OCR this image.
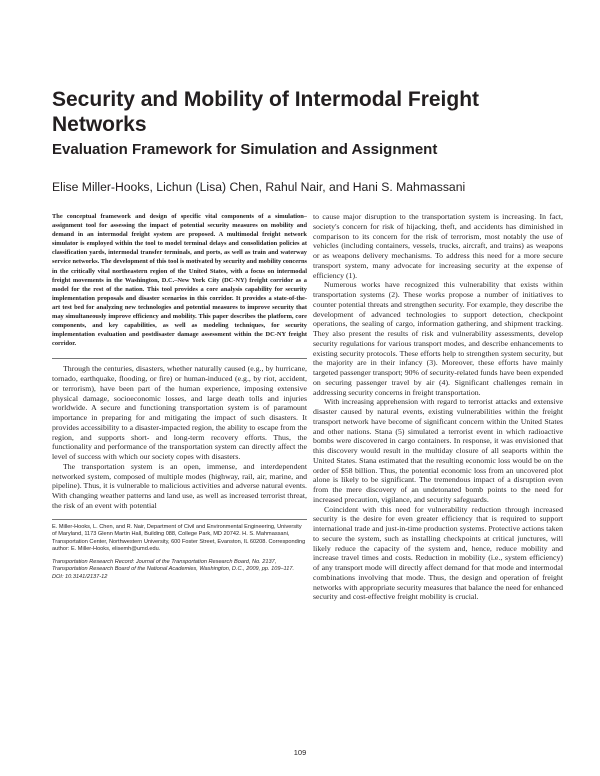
Security and Mobility of Intermodal Freight Networks
Evaluation Framework for Simulation and Assignment

Elise Miller-Hooks, Lichun (Lisa) Chen, Rahul Nair, and Hani S. Mahmassani

The conceptual framework and design of specific vital components of a simulation–assignment tool for assessing the impact of potential security measures on mobility and demand in an intermodal freight system are proposed. A multimodal freight network simulator is employed within the tool to model terminal delays and consolidation policies at classification yards, intermodal transfer terminals, and ports, as well as train and waterway service networks. The development of this tool is motivated by security and mobility concerns in the critically vital northeastern region of the United States, with a focus on intermodal freight movements in the Washington, D.C.–New York City (DC-NY) freight corridor as a model for the rest of the nation. This tool provides a core analysis capability for security implementation proposals and disaster scenarios in this corridor. It provides a state-of-the-art test bed for analyzing new technologies and potential measures to improve security that may simultaneously improve efficiency and mobility. This paper describes the platform, core components, and key capabilities, as well as modeling techniques, for security implementation evaluation and postdisaster damage assessment within the DC-NY freight corridor.

Through the centuries, disasters, whether naturally caused (e.g., by hurricane, tornado, earthquake, flooding, or fire) or human-induced (e.g., by riot, accident, or terrorism), have been part of the human experience, imposing extensive physical damage, socioeconomic losses, and large death tolls and injuries worldwide. A secure and functioning transportation system is of paramount importance in preparing for and mitigating the impact of such disasters. It provides accessibility to a disaster-impacted region, the ability to escape from the region, and supports short- and long-term recovery efforts. Thus, the functionality and performance of the transportation system can directly affect the level of success with which our society copes with disasters.

The transportation system is an open, immense, and interdependent networked system, composed of multiple modes (highway, rail, air, marine, and pipeline). Thus, it is vulnerable to malicious activities and adverse natural events. With changing weather patterns and land use, as well as increased terrorist threat, the risk of an event with potential

E. Miller-Hooks, L. Chen, and R. Nair, Department of Civil and Environmental Engineering, University of Maryland, 1173 Glenn Martin Hall, Building 088, College Park, MD 20742. H. S. Mahmassani, Transportation Center, Northwestern University, 600 Foster Street, Evanston, IL 60208. Corresponding author: E. Miller-Hooks, elisemh@umd.edu.

Transportation Research Record: Journal of the Transportation Research Board, No. 2137, Transportation Research Board of the National Academies, Washington, D.C., 2009, pp. 109–117. DOI: 10.3141/2137-12

to cause major disruption to the transportation system is increasing. In fact, society's concern for risk of hijacking, theft, and accidents has diminished in comparison to its concern for the risk of terrorism, most notably the use of vehicles (including containers, vessels, trucks, aircraft, and trains) as weapons or as weapons delivery mechanisms. To address this need for a more secure transport system, many advocate for increasing security at the expense of efficiency (1).

Numerous works have recognized this vulnerability that exists within transportation systems (2). These works propose a number of initiatives to counter potential threats and strengthen security. For example, they describe the development of advanced technologies to support detection, checkpoint operations, the sealing of cargo, information gathering, and shipment tracking. They also present the results of risk and vulnerability assessments, develop security regulations for various transport modes, and describe enhancements to existing security protocols. These efforts help to strengthen system security, but the majority are in their infancy (3). Moreover, these efforts have mainly targeted passenger transport; 90% of security-related funds have been expended on securing passenger travel by air (4). Significant challenges remain in addressing security concerns in freight transportation.

With increasing apprehension with regard to terrorist attacks and extensive disaster caused by natural events, existing vulnerabilities within the freight transport network have become of significant concern within the United States and other nations. Stana (5) simulated a terrorist event in which radioactive bombs were discovered in cargo containers. In response, it was envisioned that this discovery would result in the multiday closure of all seaports within the United States. Stana estimated that the resulting economic loss would be on the order of $58 billion. Thus, the potential economic loss from an uncovered plot alone is likely to be significant. The tremendous impact of a disruption even from the mere discovery of an undetonated bomb points to the need for increased precaution, vigilance, and security safeguards.

Coincident with this need for vulnerability reduction through increased security is the desire for even greater efficiency that is required to support international trade and just-in-time production systems. Protective actions taken to secure the system, such as installing checkpoints at critical junctures, will likely reduce the capacity of the system and, hence, reduce mobility and increase travel times and costs. Reduction in mobility (i.e., system efficiency) of any transport mode will directly affect demand for that mode and intermodal combinations involving that mode. Thus, the design and operation of freight networks with appropriate security measures that balance the need for enhanced security and cost-effective freight mobility is crucial.

109
